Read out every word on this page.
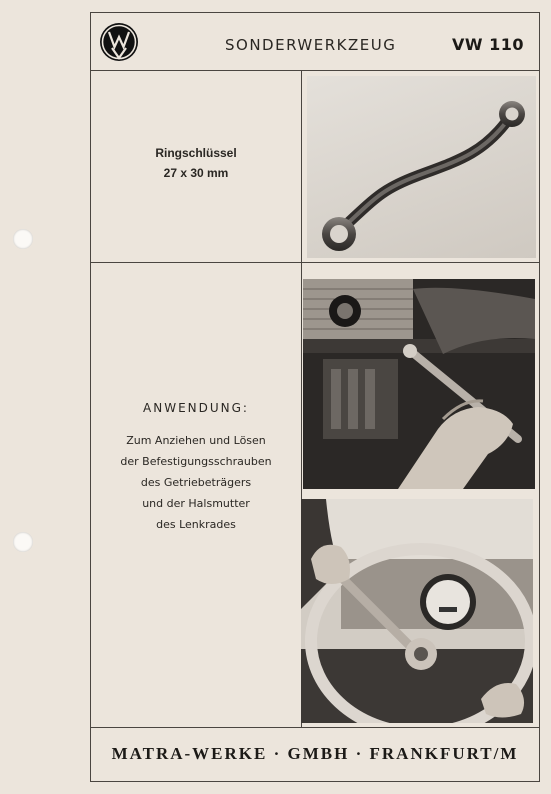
SONDERWERKZEUG	VW 110
Ringschlüssel
27 x 30 mm
ANWENDUNG:
Zum Anziehen und Lösen
der Befestigungsschrauben
des Getriebeträgers
und der Halsmutter
des Lenkrades
MATRA-WERKE · GMBH · FRANKFURT/M
